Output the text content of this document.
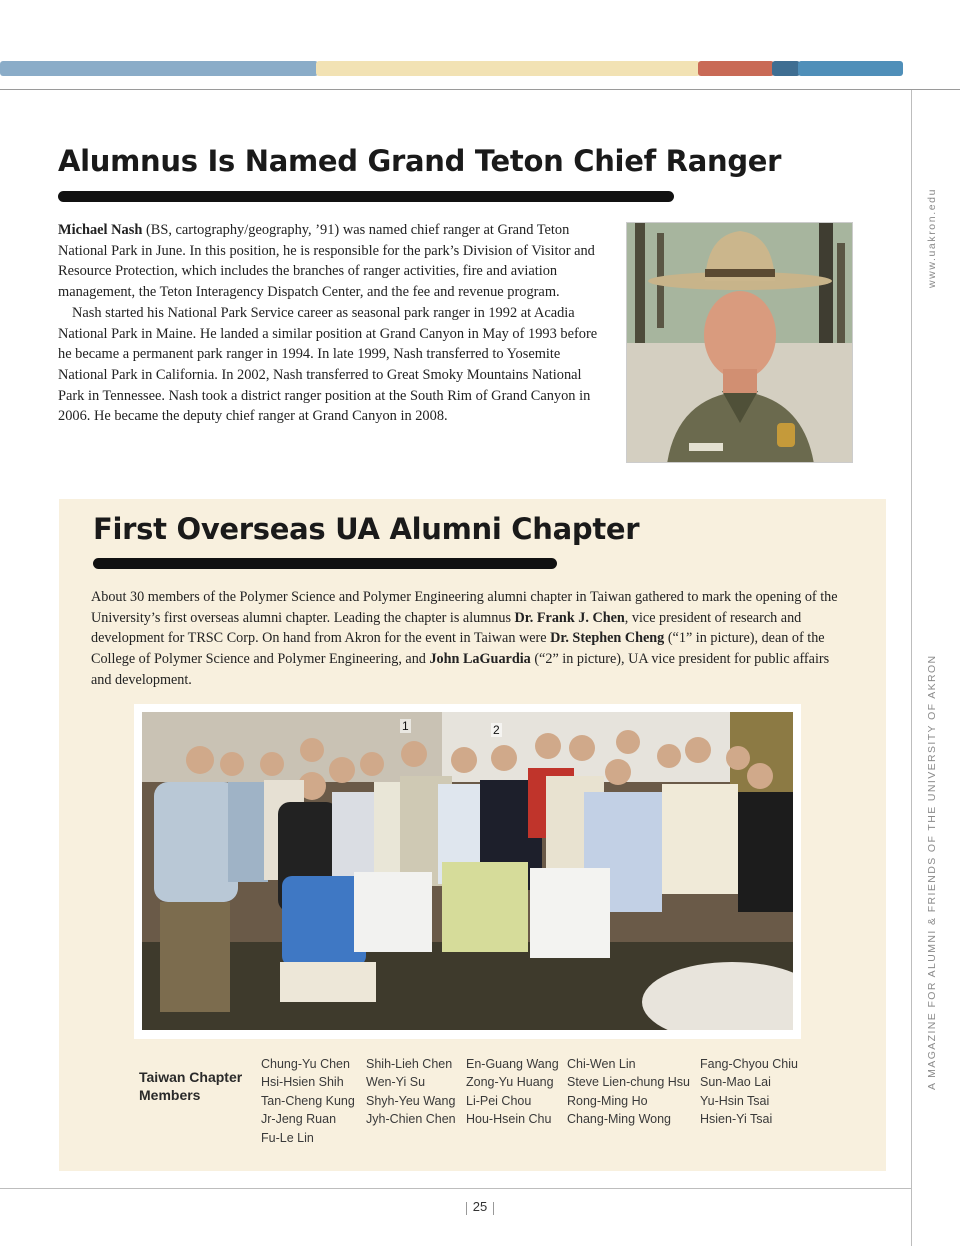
www.uakron.edu
A MAGAZINE FOR ALUMNI & FRIENDS OF THE UNIVERSITY OF AKRON
Alumnus Is Named Grand Teton Chief Ranger

Michael Nash (BS, cartography/geography, ’91) was named chief ranger at Grand Teton National Park in June. In this position, he is responsible for the park’s Division of Visitor and Resource Protection, which includes the branches of ranger activities, fire and aviation management, the Teton Interagency Dispatch Center, and the fee and revenue program.

Nash started his National Park Service career as seasonal park ranger in 1992 at Acadia National Park in Maine. He landed a similar position at Grand Canyon in May of 1993 before he became a permanent park ranger in 1994. In late 1999, Nash transferred to Yosemite National Park in California. In 2002, Nash transferred to Great Smoky Mountains National Park in Tennessee. Nash took a district ranger position at the South Rim of Grand Canyon in 2006. He became the deputy chief ranger at Grand Canyon in 2008.

First Overseas UA Alumni Chapter

About 30 members of the Polymer Science and Polymer Engineering alumni chapter in Taiwan gathered to mark the opening of the University’s first overseas alumni chapter. Leading the chapter is alumnus Dr. Frank J. Chen, vice president of research and development for TRSC Corp. On hand from Akron for the event in Taiwan were Dr. Stephen Cheng (“1” in picture), dean of the College of Polymer Science and Polymer Engineering, and John LaGuardia (“2” in picture), UA vice president for public affairs and development.

1	2
Taiwan Chapter Members
Chung-Yu Chen
Hsi-Hsien Shih
Tan-Cheng Kung
Jr-Jeng Ruan
Fu-Le Lin
Shih-Lieh Chen
Wen-Yi Su
Shyh-Yeu Wang
Jyh-Chien Chen
En-Guang Wang
Zong-Yu Huang
Li-Pei Chou
Hou-Hsein Chu
Chi-Wen Lin
Steve Lien-chung Hsu
Rong-Ming Ho
Chang-Ming Wong
Fang-Chyou Chiu
Sun-Mao Lai
Yu-Hsin Tsai
Hsien-Yi Tsai
25
